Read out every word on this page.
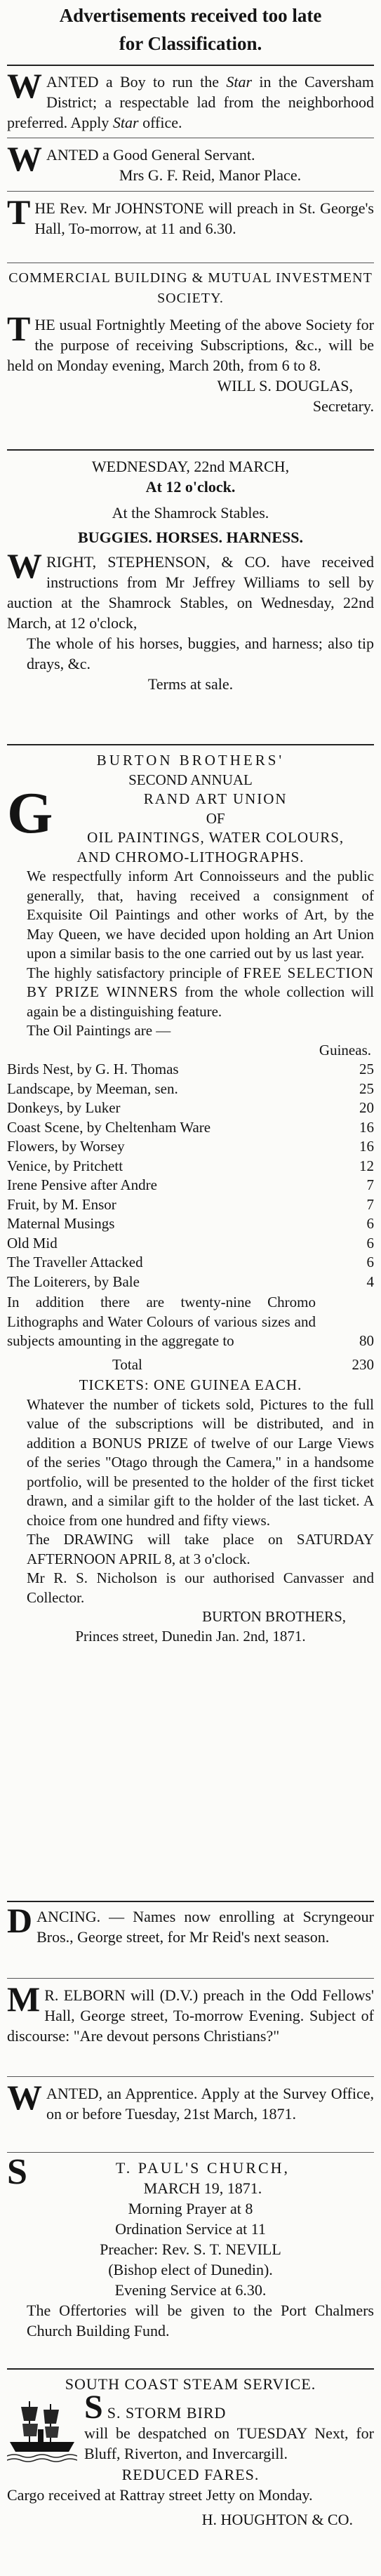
Advertisements received too late
for Classification.
W ANTED a Boy to run the Star in the Caversham District; a respectable lad from the neighborhood preferred. Apply Star office.
W ANTED a Good General Servant.
Mrs G. F. Reid, Manor Place.
T HE Rev. Mr JOHNSTONE will preach in St. George's Hall, To-morrow, at 11 and 6.30.
COMMERCIAL BUILDING & MUTUAL INVESTMENT SOCIETY.
T HE usual Fortnightly Meeting of the above Society for the purpose of receiving Subscriptions, &c., will be held on Monday evening, March 20th, from 6 to 8.
WILL S. DOUGLAS,
Secretary.
WEDNESDAY, 22nd MARCH,
At 12 o'clock.
At the Shamrock Stables.
BUGGIES. HORSES. HARNESS.
W RIGHT, STEPHENSON, & CO. have received instructions from Mr Jeffrey Williams to sell by auction at the Shamrock Stables, on Wednesday, 22nd March, at 12 o'clock,
The whole of his horses, buggies, and harness; also tip drays, &c.
Terms at sale.
BURTON BROTHERS'
SECOND ANNUAL
G	RAND ART UNION
OF
OIL PAINTINGS, WATER COLOURS,
AND CHROMO-LITHOGRAPHS.
We respectfully inform Art Connoisseurs and the public generally, that, having received a consignment of Exquisite Oil Paintings and other works of Art, by the May Queen, we have decided upon holding an Art Union upon a similar basis to the one carried out by us last year.
The highly satisfactory principle of FREE SELECTION BY PRIZE WINNERS from the whole collection will again be a distinguishing feature.
The Oil Paintings are —
Guineas.
Birds Nest, by G. H. Thomas	25
Landscape, by Meeman, sen.	25
Donkeys, by Luker	20
Coast Scene, by Cheltenham Ware	16
Flowers, by Worsey	16
Venice, by Pritchett	12
Irene Pensive after Andre	7
Fruit, by M. Ensor	7
Maternal Musings	6
Old Mid	6
The Traveller Attacked	6
The Loiterers, by Bale	4
In addition there are twenty-nine Chromo Lithographs and Water Colours of various sizes and subjects amounting in the aggregate to	80
Total	230
TICKETS: ONE GUINEA EACH.
Whatever the number of tickets sold, Pictures to the full value of the subscriptions will be distributed, and in addition a BONUS PRIZE of twelve of our Large Views of the series "Otago through the Camera," in a handsome portfolio, will be presented to the holder of the first ticket drawn, and a similar gift to the holder of the last ticket. A choice from one hundred and fifty views.
The DRAWING will take place on SATURDAY AFTERNOON APRIL 8, at 3 o'clock.
Mr R. S. Nicholson is our authorised Canvasser and Collector.
BURTON BROTHERS,
Princes street, Dunedin Jan. 2nd, 1871.
D ANCING. — Names now enrolling at Scryngeour Bros., George street, for Mr Reid's next season.
M R. ELBORN will (D.V.) preach in the Odd Fellows' Hall, George street, To-morrow Evening. Subject of discourse: "Are devout persons Christians?"
W ANTED, an Apprentice. Apply at the Survey Office, on or before Tuesday, 21st March, 1871.
S	T. PAUL'S CHURCH,
MARCH 19, 1871.
Morning Prayer at 8
Ordination Service at 11
Preacher: Rev. S. T. NEVILL
(Bishop elect of Dunedin).
Evening Service at 6.30.
The Offertories will be given to the Port Chalmers Church Building Fund.
SOUTH COAST STEAM SERVICE.
S S. STORM BIRD
will be despatched on TUESDAY Next, for Bluff, Riverton, and Invercargill.
REDUCED FARES.
Cargo received at Rattray street Jetty on Monday.
H. HOUGHTON & CO.
